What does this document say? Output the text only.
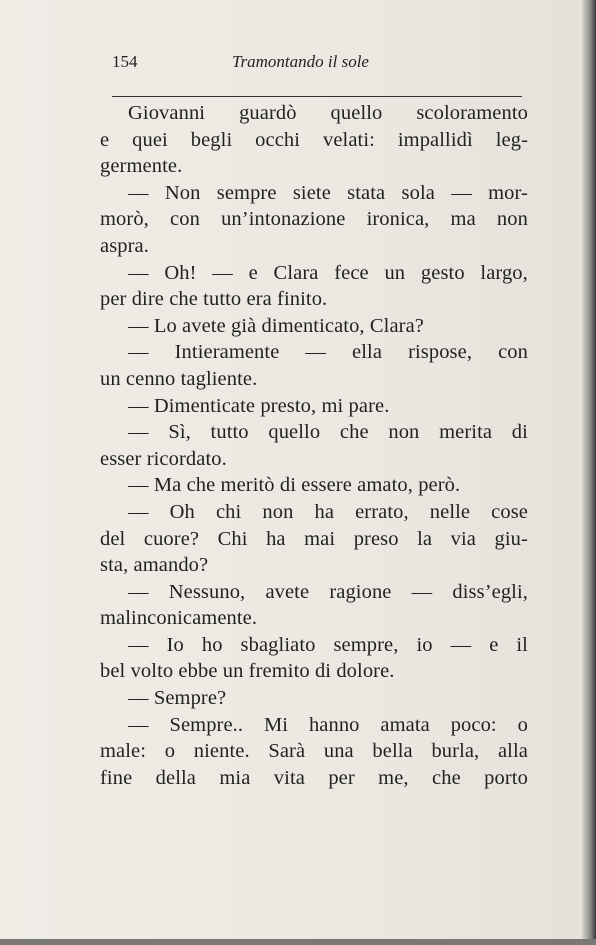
154	Tramontando il sole
Giovanni guardò quello scoloramento
e quei begli occhi velati: impallidì leg-
germente.
— Non sempre siete stata sola — mor-
morò, con un’intonazione ironica, ma non
aspra.
— Oh! — e Clara fece un gesto largo,
per dire che tutto era finito.
— Lo avete già dimenticato, Clara?
— Intieramente — ella rispose, con
un cenno tagliente.
— Dimenticate presto, mi pare.
— Sì, tutto quello che non merita di
esser ricordato.
— Ma che meritò di essere amato, però.
— Oh chi non ha errato, nelle cose
del cuore? Chi ha mai preso la via giu-
sta, amando?
— Nessuno, avete ragione — diss’egli,
malinconicamente.
— Io ho sbagliato sempre, io — e il
bel volto ebbe un fremito di dolore.
— Sempre?
— Sempre.. Mi hanno amata poco: o
male: o niente. Sarà una bella burla, alla
fine della mia vita per me, che porto
